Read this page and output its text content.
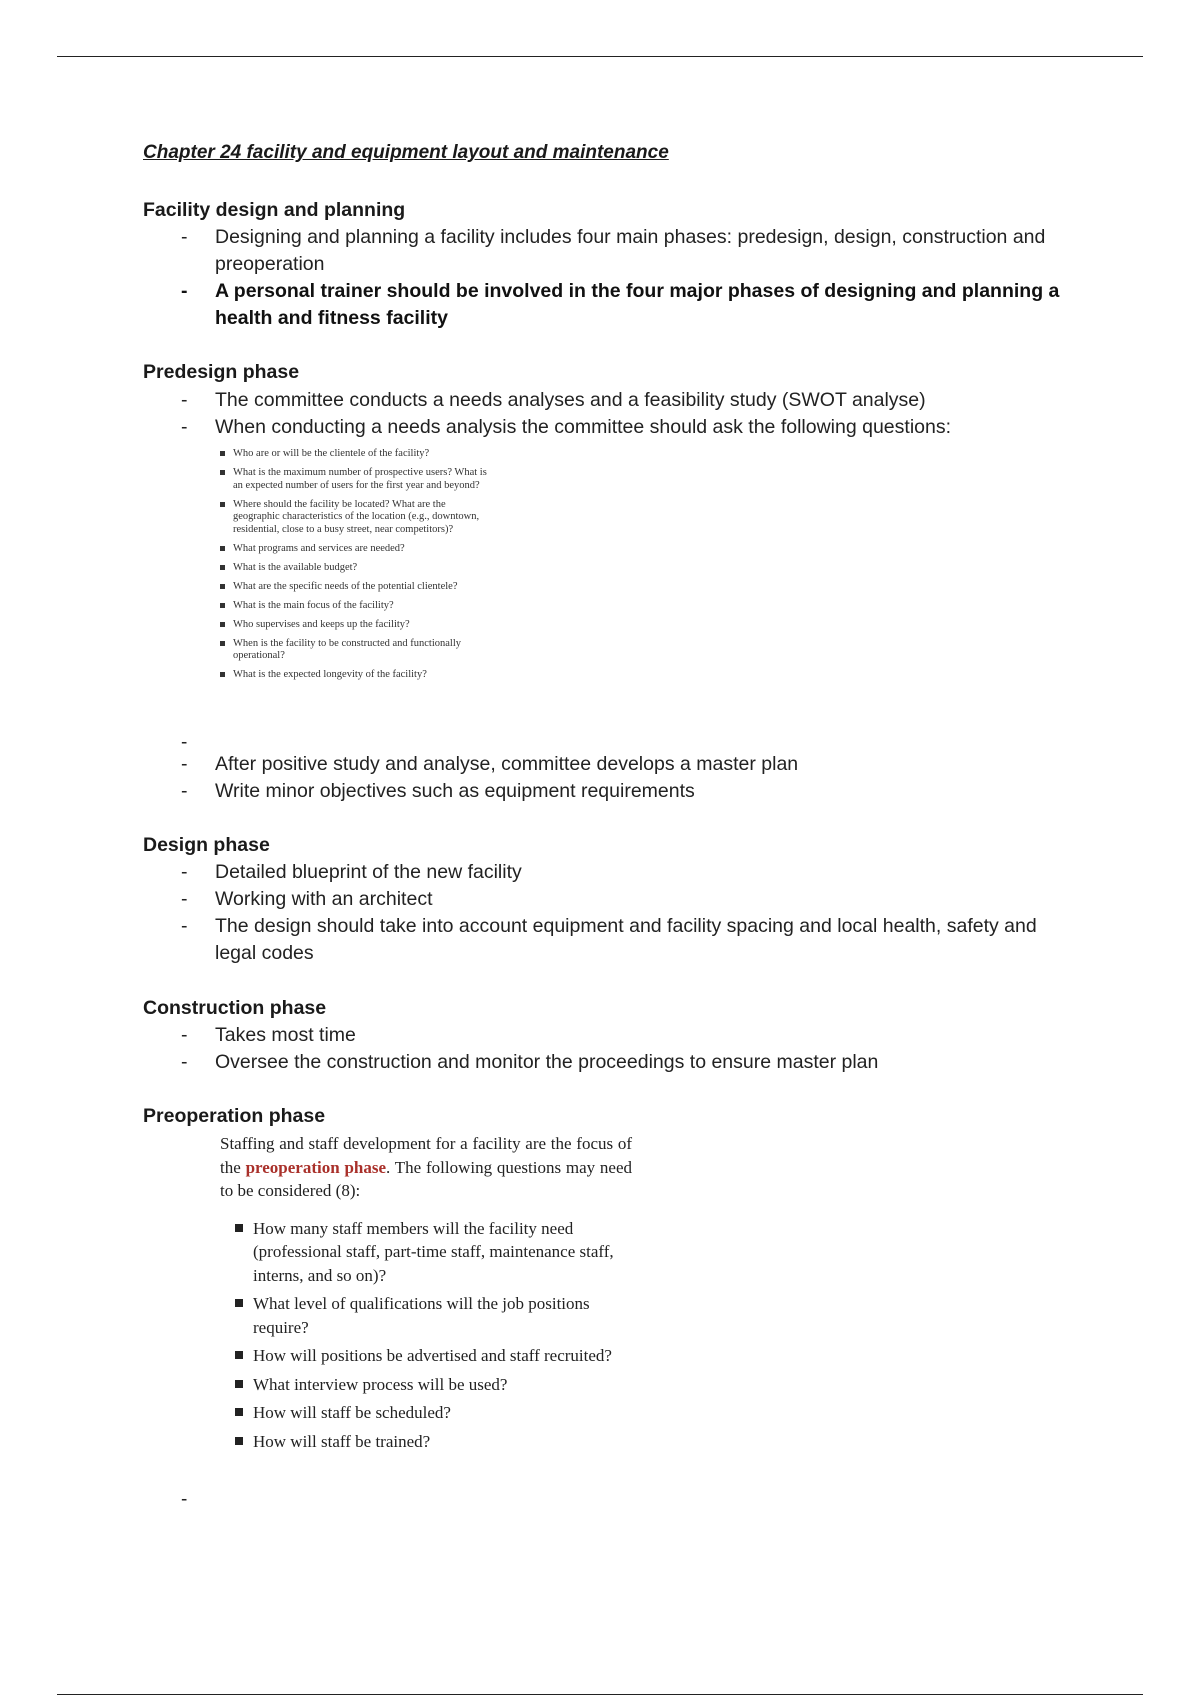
Chapter 24 facility and equipment layout and maintenance
Facility design and planning
- Designing and planning a facility includes four main phases: predesign, design, construction and preoperation
- A personal trainer should be involved in the four major phases of designing and planning a health and fitness facility
Predesign phase
- The committee conducts a needs analyses and a feasibility study (SWOT analyse)
- When conducting a needs analysis the committee should ask the following questions:
Who are or will be the clientele of the facility?
What is the maximum number of prospective users? What is an expected number of users for the first year and beyond?
Where should the facility be located? What are the geographic characteristics of the location (e.g., downtown, residential, close to a busy street, near competitors)?
What programs and services are needed?
What is the available budget?
What are the specific needs of the potential clientele?
What is the main focus of the facility?
Who supervises and keeps up the facility?
When is the facility to be constructed and functionally operational?
What is the expected longevity of the facility?
-
- After positive study and analyse, committee develops a master plan
- Write minor objectives such as equipment requirements
Design phase
- Detailed blueprint of the new facility
- Working with an architect
- The design should take into account equipment and facility spacing and local health, safety and legal codes
Construction phase
- Takes most time
- Oversee the construction and monitor the proceedings to ensure master plan
Preoperation phase

Staffing and staff development for a facility are the focus of the preoperation phase. The following questions may need to be considered (8):

How many staff members will the facility need (professional staff, part-time staff, maintenance staff, interns, and so on)?
What level of qualifications will the job positions require?
How will positions be advertised and staff recruited?
What interview process will be used?
How will staff be scheduled?
How will staff be trained?
-
